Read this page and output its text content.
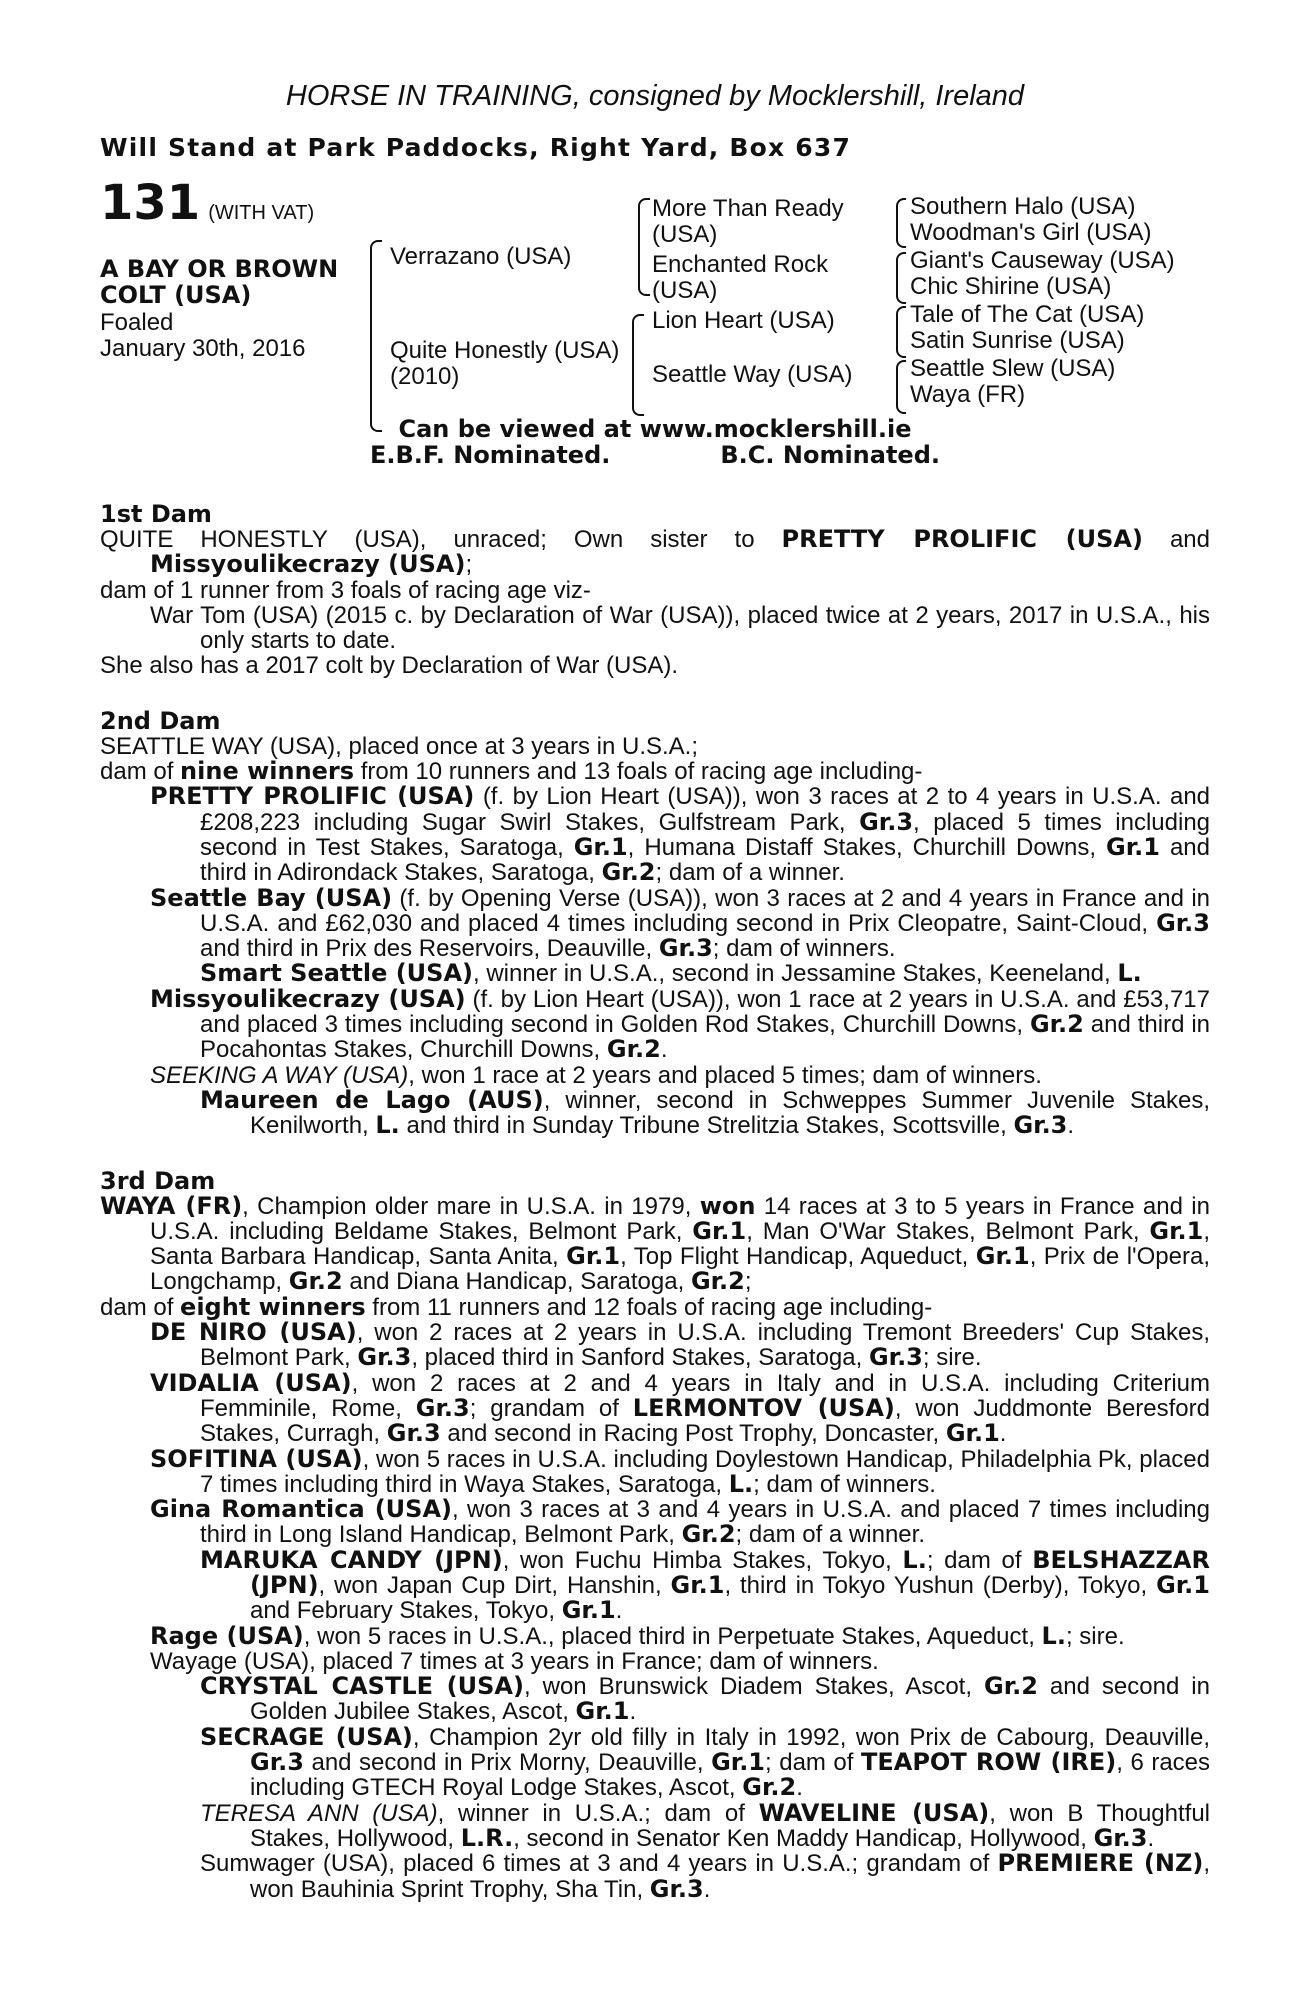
HORSE IN TRAINING, consigned by Mocklershill, Ireland
Will Stand at Park Paddocks, Right Yard, Box 637
131 (WITH VAT)
A BAY OR BROWN
COLT (USA)
Foaled
January 30th, 2016
Verrazano (USA)
Quite Honestly (USA)
(2010)
More Than Ready
(USA)
Enchanted Rock
(USA)
Lion Heart (USA)
Seattle Way (USA)
Southern Halo (USA)
Woodman's Girl (USA)
Giant's Causeway (USA)
Chic Shirine (USA)
Tale of The Cat (USA)
Satin Sunrise (USA)
Seattle Slew (USA)
Waya (FR)
Can be viewed at www.mocklershill.ie
E.B.F. Nominated.	B.C. Nominated.
1st Dam
QUITE HONESTLY (USA), unraced; Own sister to PRETTY PROLIFIC (USA) and Missyoulikecrazy (USA);
dam of 1 runner from 3 foals of racing age viz-
War Tom (USA) (2015 c. by Declaration of War (USA)), placed twice at 2 years, 2017 in U.S.A., his only starts to date.
She also has a 2017 colt by Declaration of War (USA).
2nd Dam
SEATTLE WAY (USA), placed once at 3 years in U.S.A.;
dam of nine winners from 10 runners and 13 foals of racing age including-
PRETTY PROLIFIC (USA) (f. by Lion Heart (USA)), won 3 races at 2 to 4 years in U.S.A. and £208,223 including Sugar Swirl Stakes, Gulfstream Park, Gr.3, placed 5 times including second in Test Stakes, Saratoga, Gr.1, Humana Distaff Stakes, Churchill Downs, Gr.1 and third in Adirondack Stakes, Saratoga, Gr.2; dam of a winner.
Seattle Bay (USA) (f. by Opening Verse (USA)), won 3 races at 2 and 4 years in France and in U.S.A. and £62,030 and placed 4 times including second in Prix Cleopatre, Saint-Cloud, Gr.3 and third in Prix des Reservoirs, Deauville, Gr.3; dam of winners.
Smart Seattle (USA), winner in U.S.A., second in Jessamine Stakes, Keeneland, L.
Missyoulikecrazy (USA) (f. by Lion Heart (USA)), won 1 race at 2 years in U.S.A. and £53,717 and placed 3 times including second in Golden Rod Stakes, Churchill Downs, Gr.2 and third in Pocahontas Stakes, Churchill Downs, Gr.2.
SEEKING A WAY (USA), won 1 race at 2 years and placed 5 times; dam of winners.
Maureen de Lago (AUS), winner, second in Schweppes Summer Juvenile Stakes, Kenilworth, L. and third in Sunday Tribune Strelitzia Stakes, Scottsville, Gr.3.
3rd Dam
WAYA (FR), Champion older mare in U.S.A. in 1979, won 14 races at 3 to 5 years in France and in U.S.A. including Beldame Stakes, Belmont Park, Gr.1, Man O'War Stakes, Belmont Park, Gr.1, Santa Barbara Handicap, Santa Anita, Gr.1, Top Flight Handicap, Aqueduct, Gr.1, Prix de l'Opera, Longchamp, Gr.2 and Diana Handicap, Saratoga, Gr.2;
dam of eight winners from 11 runners and 12 foals of racing age including-
DE NIRO (USA), won 2 races at 2 years in U.S.A. including Tremont Breeders' Cup Stakes, Belmont Park, Gr.3, placed third in Sanford Stakes, Saratoga, Gr.3; sire.
VIDALIA (USA), won 2 races at 2 and 4 years in Italy and in U.S.A. including Criterium Femminile, Rome, Gr.3; grandam of LERMONTOV (USA), won Juddmonte Beresford Stakes, Curragh, Gr.3 and second in Racing Post Trophy, Doncaster, Gr.1.
SOFITINA (USA), won 5 races in U.S.A. including Doylestown Handicap, Philadelphia Pk, placed 7 times including third in Waya Stakes, Saratoga, L.; dam of winners.
Gina Romantica (USA), won 3 races at 3 and 4 years in U.S.A. and placed 7 times including third in Long Island Handicap, Belmont Park, Gr.2; dam of a winner.
MARUKA CANDY (JPN), won Fuchu Himba Stakes, Tokyo, L.; dam of BELSHAZZAR (JPN), won Japan Cup Dirt, Hanshin, Gr.1, third in Tokyo Yushun (Derby), Tokyo, Gr.1 and February Stakes, Tokyo, Gr.1.
Rage (USA), won 5 races in U.S.A., placed third in Perpetuate Stakes, Aqueduct, L.; sire.
Wayage (USA), placed 7 times at 3 years in France; dam of winners.
CRYSTAL CASTLE (USA), won Brunswick Diadem Stakes, Ascot, Gr.2 and second in Golden Jubilee Stakes, Ascot, Gr.1.
SECRAGE (USA), Champion 2yr old filly in Italy in 1992, won Prix de Cabourg, Deauville, Gr.3 and second in Prix Morny, Deauville, Gr.1; dam of TEAPOT ROW (IRE), 6 races including GTECH Royal Lodge Stakes, Ascot, Gr.2.
TERESA ANN (USA), winner in U.S.A.; dam of WAVELINE (USA), won B Thoughtful Stakes, Hollywood, L.R., second in Senator Ken Maddy Handicap, Hollywood, Gr.3.
Sumwager (USA), placed 6 times at 3 and 4 years in U.S.A.; grandam of PREMIERE (NZ), won Bauhinia Sprint Trophy, Sha Tin, Gr.3.
